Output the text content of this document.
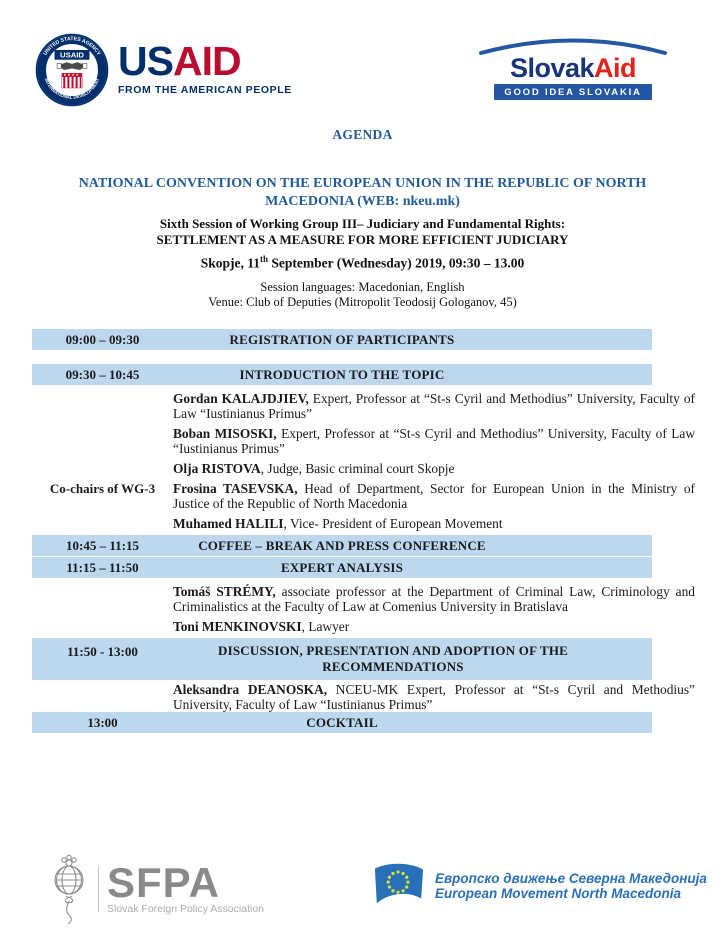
UNITED STATES AGENCY
INTERNATIONAL DEVELOPMENT
USAID USAID
FROM THE AMERICAN PEOPLE
SlovakAid
GOOD IDEA SLOVAKIA
AGENDA
NATIONAL CONVENTION ON THE EUROPEAN UNION IN THE REPUBLIC OF NORTH
MACEDONIA (WEB: nkeu.mk)
Sixth Session of Working Group III– Judiciary and Fundamental Rights:
SETTLEMENT AS A MEASURE FOR MORE EFFICIENT JUDICIARY
Skopje, 11th September (Wednesday) 2019, 09:30 – 13.00
Session languages: Macedonian, English
Venue: Club of Deputies (Mitropolit Teodosij Gologanov, 45)
09:00 – 09:30	REGISTRATION OF PARTICIPANTS
09:30 – 10:45	INTRODUCTION TO THE TOPIC

Gordan KALAJDJIEV, Expert, Professor at “St-s Cyril and Methodius” University, Faculty of Law “Iustinianus Primus”

Boban MISOSKI, Expert, Professor at “St-s Cyril and Methodius” University, Faculty of Law “Iustinianus Primus”

Olja RISTOVA, Judge, Basic criminal court Skopje

Co-chairs of WG-3	Frosina TASEVSKA, Head of Department, Sector for European Union in the Ministry of Justice of the Republic of North Macedonia

Muhamed HALILI, Vice- President of European Movement

10:45 – 11:15	COFFEE – BREAK AND PRESS CONFERENCE
11:15 – 11:50	EXPERT ANALYSIS

Tomáš STRÉMY, associate professor at the Department of Criminal Law, Criminology and Criminalistics at the Faculty of Law at Comenius University in Bratislava

Toni MENKINOVSKI, Lawyer

11:50 - 13:00	DISCUSSION, PRESENTATION AND ADOPTION OF THE RECOMMENDATIONS

Aleksandra DEANOSKA, NCEU-MK Expert, Professor at “St-s Cyril and Methodius” University, Faculty of Law “Iustinianus Primus”

13:00	COCKTAIL
SFPA
Slovak Foreign Policy Association
Европско движење Северна Македонија
European Movement North Macedonia
